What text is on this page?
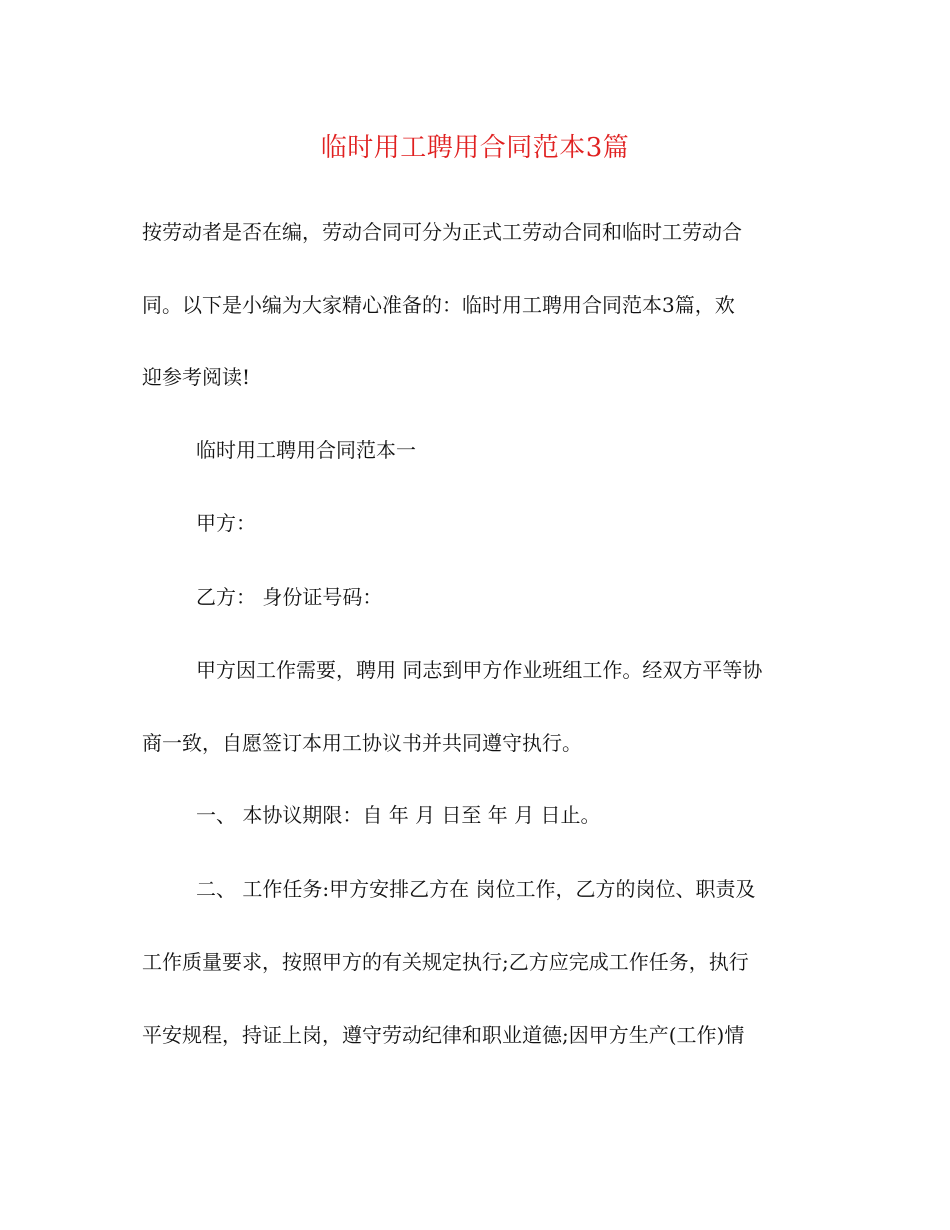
临时用工聘用合同范本3篇

按劳动者是否在编，劳动合同可分为正式工劳动合同和临时工劳动合

同。以下是小编为大家精心准备的：临时用工聘用合同范本3篇，欢

迎参考阅读!

临时用工聘用合同范本一

甲方：

乙方： 身份证号码：

甲方因工作需要，聘用 同志到甲方作业班组工作。经双方平等协

商一致，自愿签订本用工协议书并共同遵守执行。

一、 本协议期限：自 年 月 日至 年 月 日止。

二、 工作任务:甲方安排乙方在 岗位工作，乙方的岗位、职责及

工作质量要求，按照甲方的有关规定执行;乙方应完成工作任务，执行

平安规程，持证上岗，遵守劳动纪律和职业道德;因甲方生产(工作)情
